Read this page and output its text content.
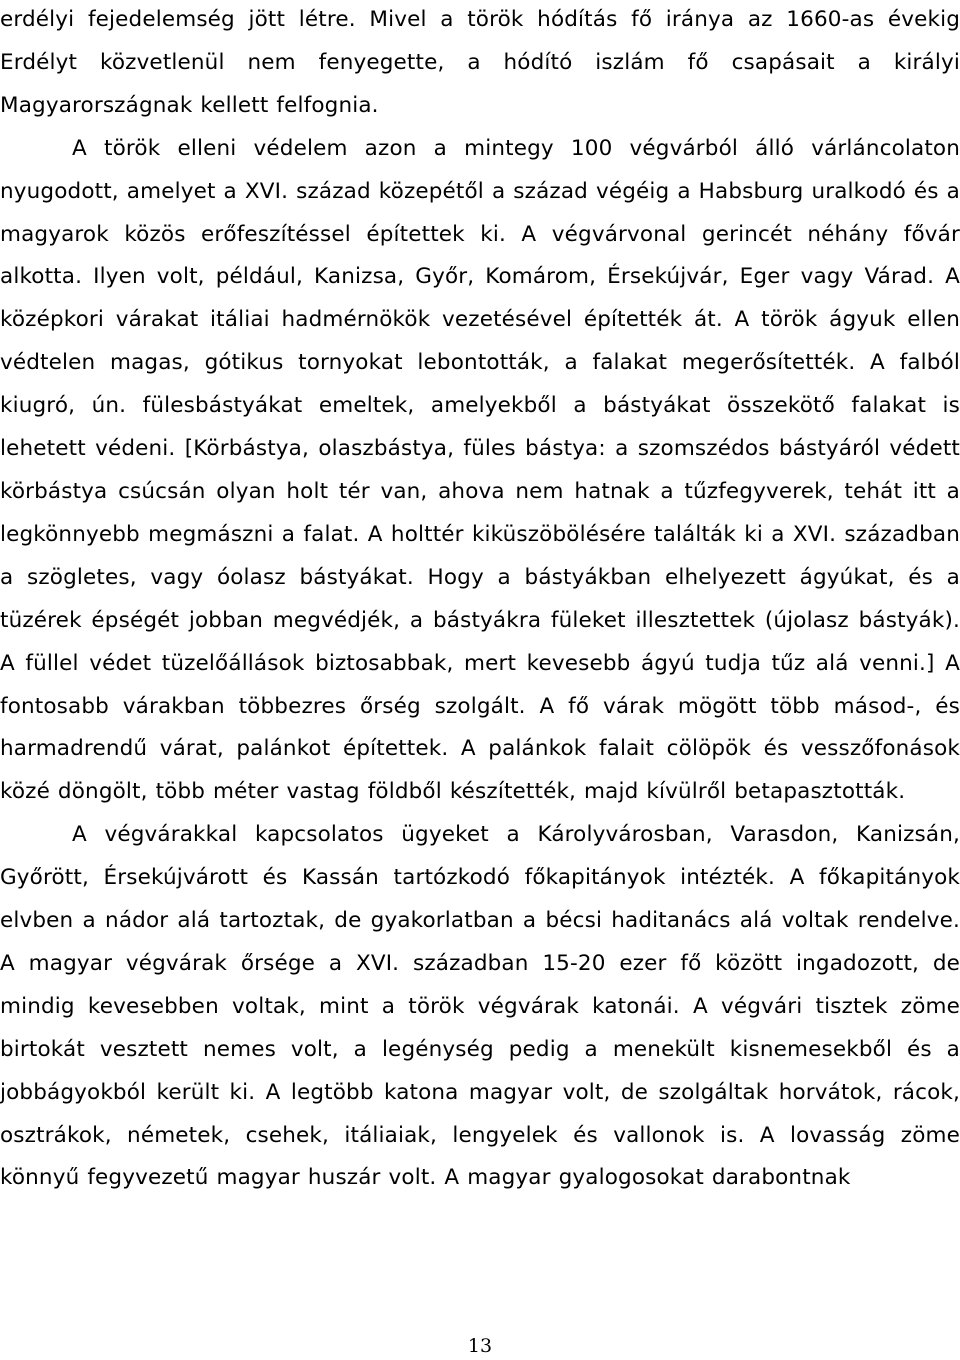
erdélyi fejedelemség jött létre. Mivel a török hódítás fő iránya az 1660-as évekig Erdélyt közvetlenül nem fenyegette, a hódító iszlám fő csapásait a királyi Magyarországnak kellett felfognia.

A török elleni védelem azon a mintegy 100 végvárból álló várláncolaton nyugodott, amelyet a XVI. század közepétől a század végéig a Habsburg uralkodó és a magyarok közös erőfeszítéssel építettek ki. A végvárvonal gerincét néhány fővár alkotta. Ilyen volt, például, Kanizsa, Győr, Komárom, Érsekújvár, Eger vagy Várad. A középkori várakat itáliai hadmérnökök vezetésével építették át. A török ágyuk ellen védtelen magas, gótikus tornyokat lebontották, a falakat megerősítették. A falból kiugró, ún. fülesbástyákat emeltek, amelyekből a bástyákat összekötő falakat is lehetett védeni. [Körbástya, olaszbástya, füles bástya: a szomszédos bástyáról védett körbástya csúcsán olyan holt tér van, ahova nem hatnak a tűzfegyverek, tehát itt a legkönnyebb megmászni a falat. A holttér kiküszöbölésére találták ki a XVI. században a szögletes, vagy óolasz bástyákat. Hogy a bástyákban elhelyezett ágyúkat, és a tüzérek épségét jobban megvédjék, a bástyákra füleket illesztettek (újolasz bástyák). A füllel védet tüzelőállások biztosabbak, mert kevesebb ágyú tudja tűz alá venni.] A fontosabb várakban többezres őrség szolgált. A fő várak mögött több másod-, és harmadrendű várat, palánkot építettek. A palánkok falait cölöpök és vesszőfonások közé döngölt, több méter vastag földből készítették, majd kívülről betapasztották.

A végvárakkal kapcsolatos ügyeket a Károlyvárosban, Varasdon, Kanizsán, Győrött, Érsekújvárott és Kassán tartózkodó főkapitányok intézték. A főkapitányok elvben a nádor alá tartoztak, de gyakorlatban a bécsi haditanács alá voltak rendelve. A magyar végvárak őrsége a XVI. században 15-20 ezer fő között ingadozott, de mindig kevesebben voltak, mint a török végvárak katonái. A végvári tisztek zöme birtokát vesztett nemes volt, a legénység pedig a menekült kisnemesekből és a jobbágyokból került ki. A legtöbb katona magyar volt, de szolgáltak horvátok, rácok, osztrákok, németek, csehek, itáliaiak, lengyelek és vallonok is. A lovasság zöme könnyű fegyvezetű magyar huszár volt. A magyar gyalogosokat darabontnak

13
